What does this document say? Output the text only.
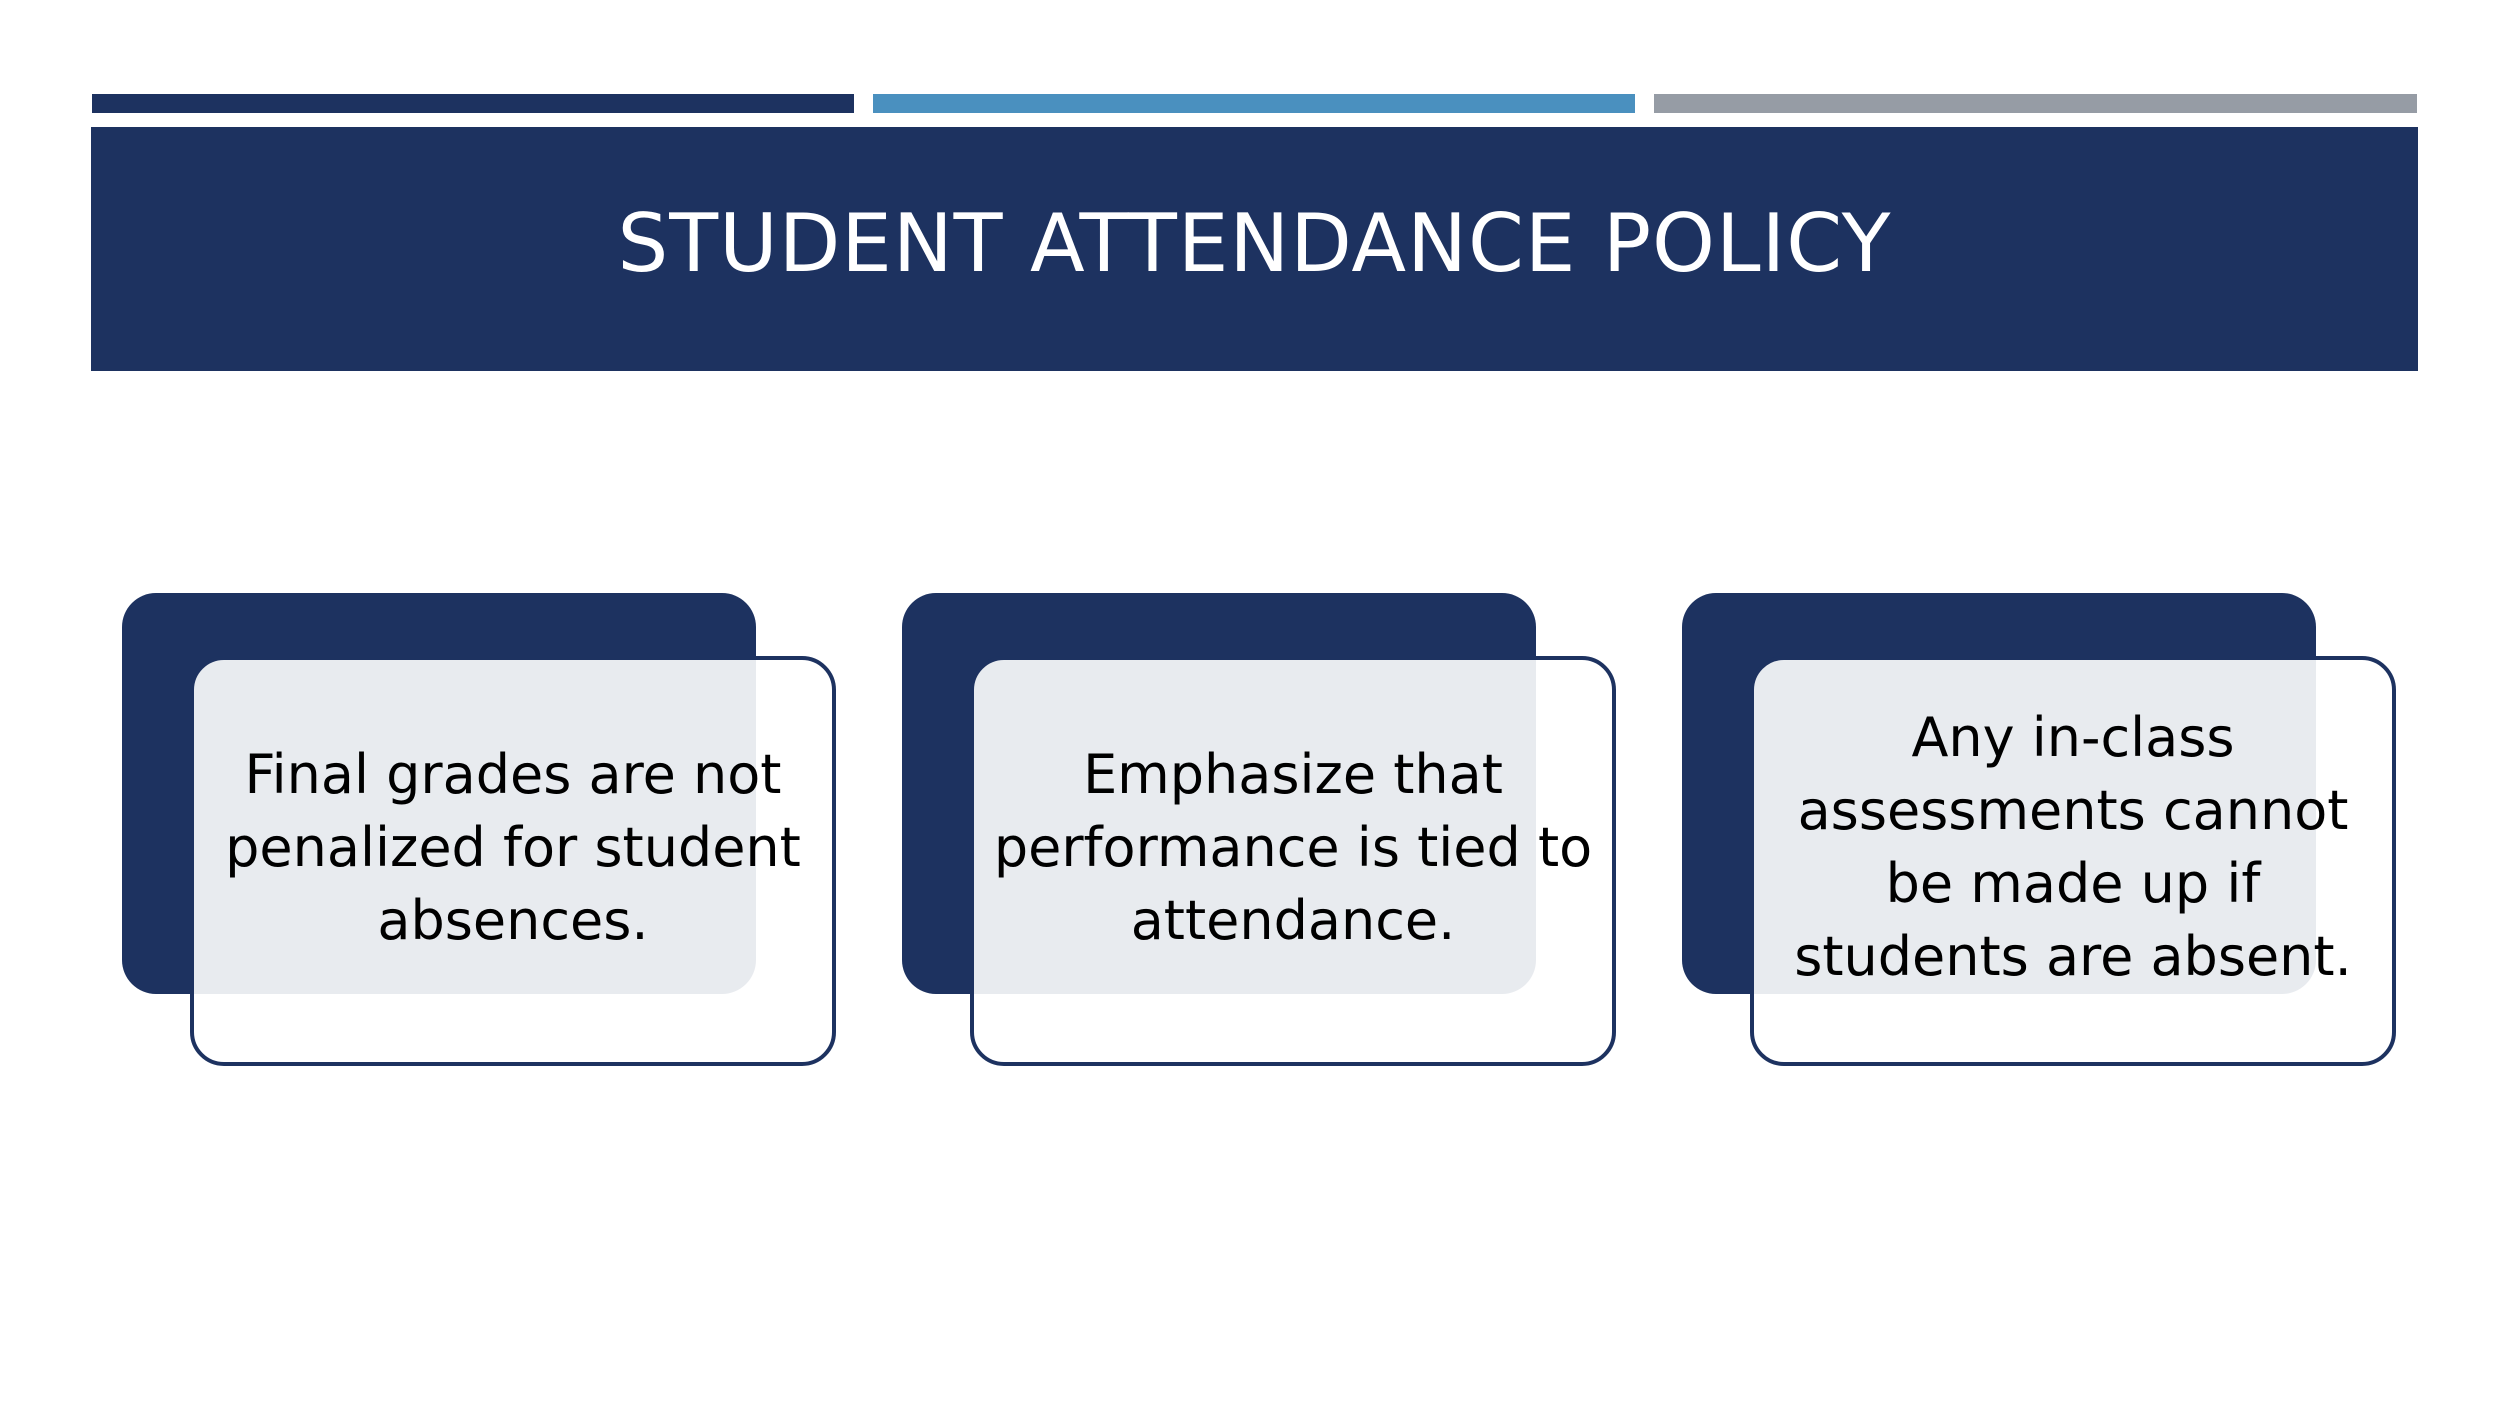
STUDENT ATTENDANCE POLICY
Final grades are not penalized for student absences.
Emphasize that performance is tied to attendance.
Any in-class assessments cannot be made up if students are absent.
